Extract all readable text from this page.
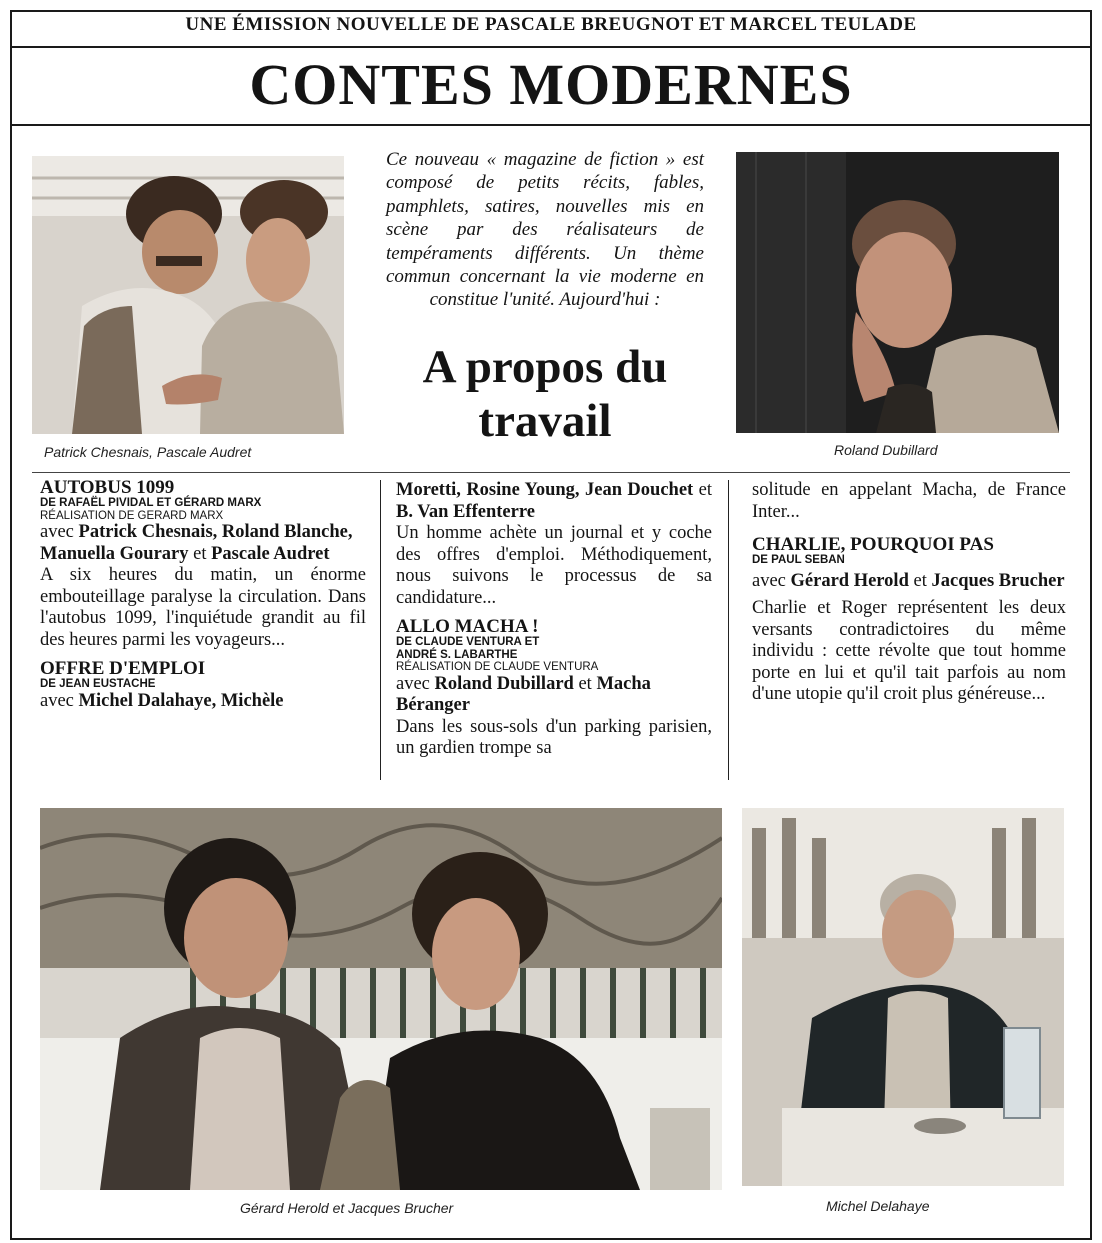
UNE ÉMISSION NOUVELLE DE PASCALE BREUGNOT ET MARCEL TEULADE
CONTES MODERNES
Patrick Chesnais, Pascale Audret	Roland Dubillard
Ce nouveau « magazine de fiction » est composé de petits récits, fables, pamphlets, satires, nouvelles mis en scène par des réalisateurs de tempéraments différents. Un thème commun concernant la vie moderne en constitue l'unité. Aujourd'hui :
A propos du
travail
AUTOBUS 1099
DE RAFAËL PIVIDAL ET GÉRARD MARX
RÉALISATION DE GERARD MARX

avec Patrick Chesnais, Roland Blanche, Manuella Gourary et Pascale Audret

A six heures du matin, un énorme embouteillage paralyse la circulation. Dans l'autobus 1099, l'inquiétude grandit au fil des heures parmi les voyageurs...

OFFRE D'EMPLOI
DE JEAN EUSTACHE

avec Michel Dalahaye, Michèle

Moretti, Rosine Young, Jean Douchet et B. Van Effenterre

Un homme achète un journal et y coche des offres d'emploi. Méthodiquement, nous suivons le processus de sa candidature...

ALLO MACHA !
DE CLAUDE VENTURA ET
ANDRÉ S. LABARTHE
RÉALISATION DE CLAUDE VENTURA

avec Roland Dubillard et Macha Béranger

Dans les sous-sols d'un parking parisien, un gardien trompe sa

solitude en appelant Macha, de France Inter...

CHARLIE, POURQUOI PAS
DE PAUL SEBAN

avec Gérard Herold et Jacques Brucher

Charlie et Roger représentent les deux versants contradictoires du même individu : cette révolte que tout homme porte en lui et qu'il tait parfois au nom d'une utopie qu'il croit plus généreuse...

Gérard Herold et Jacques Brucher	Michel Delahaye
